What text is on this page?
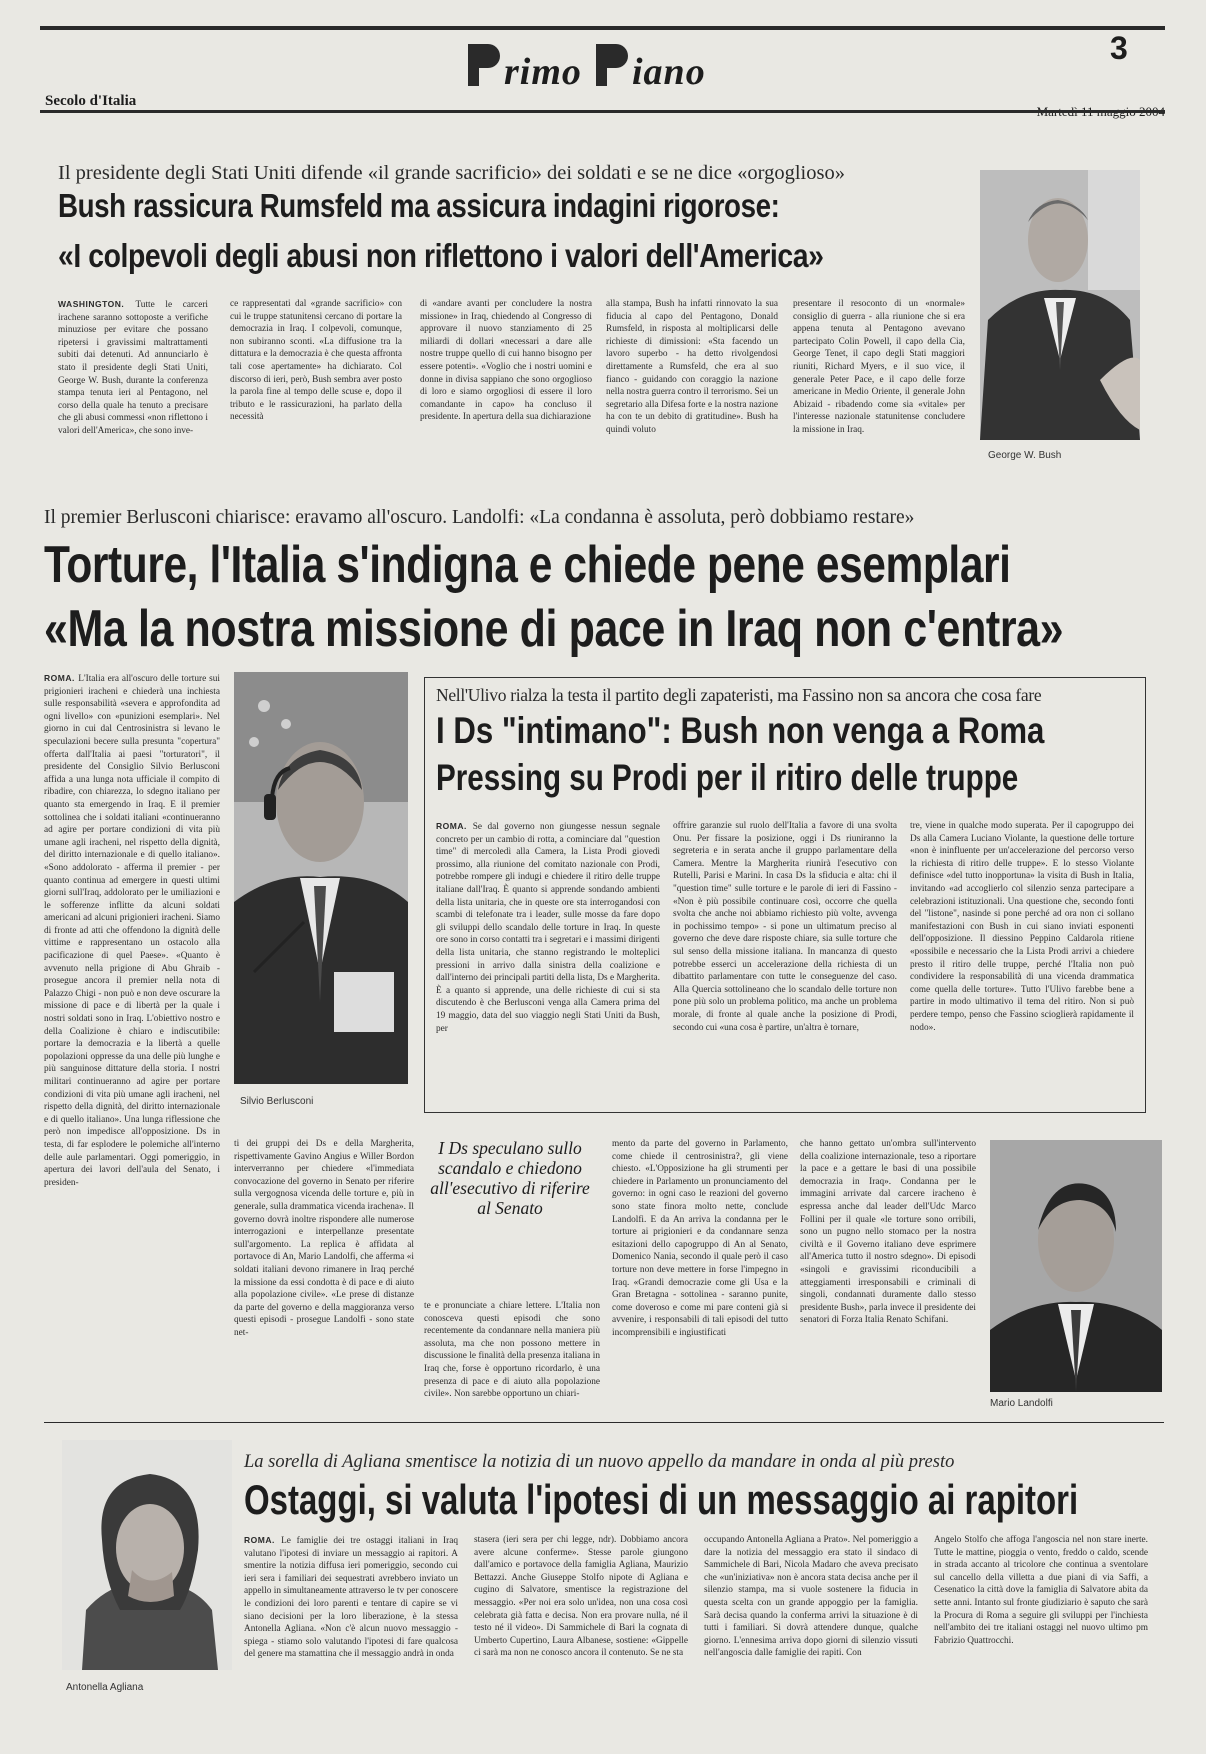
rimo iano
3
Secolo d'Italia
Il presidente degli Stati Uniti difende «il grande sacrificio» dei soldati e se ne dice «orgoglioso»
Bush rassicura Rumsfeld ma assicura indagini rigorose:
«I colpevoli degli abusi non riflettono i valori dell'America»
WASHINGTON. Tutte le carceri irachene saranno sottoposte a verifiche minuziose per evitare che possano ripetersi i gravissimi maltrattamenti subiti dai detenuti. Ad annunciarlo è stato il presidente degli Stati Uniti, George W. Bush, durante la conferenza stampa tenuta ieri al Pentagono, nel corso della quale ha tenuto a precisare che gli abusi commessi «non riflettono i valori dell'America», che sono inve-
ce rappresentati dal «grande sacrificio» con cui le truppe statunitensi cercano di portare la democrazia in Iraq. I colpevoli, comunque, non subiranno sconti. «La diffusione tra la dittatura e la democrazia è che questa affronta tali cose apertamente» ha dichiarato. Col discorso di ieri, però, Bush sembra aver posto la parola fine al tempo delle scuse e, dopo il tributo e le rassicurazioni, ha parlato della necessità
di «andare avanti per concludere la nostra missione» in Iraq, chiedendo al Congresso di approvare il nuovo stanziamento di 25 miliardi di dollari «necessari a dare alle nostre truppe quello di cui hanno bisogno per essere potenti». «Voglio che i nostri uomini e donne in divisa sappiano che sono orgoglioso di loro e siamo orgogliosi di essere il loro comandante in capo» ha concluso il presidente. In apertura della sua dichiarazione
alla stampa, Bush ha infatti rinnovato la sua fiducia al capo del Pentagono, Donald Rumsfeld, in risposta al moltiplicarsi delle richieste di dimissioni: «Sta facendo un lavoro superbo - ha detto rivolgendosi direttamente a Rumsfeld, che era al suo fianco - guidando con coraggio la nazione nella nostra guerra contro il terrorismo. Sei un segretario alla Difesa forte e la nostra nazione ha con te un debito di gratitudine». Bush ha quindi voluto
presentare il resoconto di un «normale» consiglio di guerra - alla riunione che si era appena tenuta al Pentagono avevano partecipato Colin Powell, il capo della Cia, George Tenet, il capo degli Stati maggiori riuniti, Richard Myers, e il suo vice, il generale Peter Pace, e il capo delle forze americane in Medio Oriente, il generale John Abizaid - ribadendo come sia «vitale» per l'interesse nazionale statunitense concludere la missione in Iraq.
George W. Bush
Il premier Berlusconi chiarisce: eravamo all'oscuro. Landolfi: «La condanna è assoluta, però dobbiamo restare»
Torture, l'Italia s'indigna e chiede pene esemplari
«Ma la nostra missione di pace in Iraq non c'entra»
ROMA. L'Italia era all'oscuro delle torture sui prigionieri iracheni e chiederà una inchiesta sulle responsabilità «severa e approfondita ad ogni livello» con «punizioni esemplari». Nel giorno in cui dal Centrosinistra si levano le speculazioni becere sulla presunta "copertura" offerta dall'Italia ai paesi "torturatori", il presidente del Consiglio Silvio Berlusconi affida a una lunga nota ufficiale il compito di ribadire, con chiarezza, lo sdegno italiano per quanto sta emergendo in Iraq. E il premier sottolinea che i soldati italiani «continueranno ad agire per portare condizioni di vita più umane agli iracheni, nel rispetto della dignità, del diritto internazionale e di quello italiano». «Sono addolorato - afferma il premier - per quanto continua ad emergere in questi ultimi giorni sull'Iraq, addolorato per le umiliazioni e le sofferenze inflitte da alcuni soldati americani ad alcuni prigionieri iracheni. Siamo di fronte ad atti che offendono la dignità delle vittime e rappresentano un ostacolo alla pacificazione di quel Paese». «Quanto è avvenuto nella prigione di Abu Ghraib - prosegue ancora il premier nella nota di Palazzo Chigi - non può e non deve oscurare la missione di pace e di libertà per la quale i nostri soldati sono in Iraq. L'obiettivo nostro e della Coalizione è chiaro e indiscutibile: portare la democrazia e la libertà a quelle popolazioni oppresse da una delle più lunghe e più sanguinose dittature della storia. I nostri militari continueranno ad agire per portare condizioni di vita più umane agli iracheni, nel rispetto della dignità, del diritto internazionale e di quello italiano». Una lunga riflessione che però non impedisce all'opposizione. Ds in testa, di far esplodere le polemiche all'interno delle aule parlamentari. Oggi pomeriggio, in apertura dei lavori dell'aula del Senato, i presiden-
Silvio Berlusconi
Nell'Ulivo rialza la testa il partito degli zapateristi, ma Fassino non sa ancora che cosa fare
I Ds "intimano": Bush non venga a Roma
Pressing su Prodi per il ritiro delle truppe
ROMA. Se dal governo non giungesse nessun segnale concreto per un cambio di rotta, a cominciare dal "question time" di mercoledì alla Camera, la Lista Prodi giovedì prossimo, alla riunione del comitato nazionale con Prodi, potrebbe rompere gli indugi e chiedere il ritiro delle truppe italiane dall'Iraq. È quanto si apprende sondando ambienti della lista unitaria, che in queste ore sta interrogandosi con scambi di telefonate tra i leader, sulle mosse da fare dopo gli sviluppi dello scandalo delle torture in Iraq. In queste ore sono in corso contatti tra i segretari e i massimi dirigenti della lista unitaria, che stanno registrando le molteplici pressioni in arrivo dalla sinistra della coalizione e dall'interno dei principali partiti della lista, Ds e Margherita. È a quanto si apprende, una delle richieste di cui si sta discutendo è che Berlusconi venga alla Camera prima del 19 maggio, data del suo viaggio negli Stati Uniti da Bush, per
offrire garanzie sul ruolo dell'Italia a favore di una svolta Onu. Per fissare la posizione, oggi i Ds riuniranno la segreteria e in serata anche il gruppo parlamentare della Camera. Mentre la Margherita riunirà l'esecutivo con Rutelli, Parisi e Marini. In casa Ds la sfiducia e alta: chi il "question time" sulle torture e le parole di ieri di Fassino - «Non è più possibile continuare così, occorre che quella svolta che anche noi abbiamo richiesto più volte, avvenga in pochissimo tempo» - si pone un ultimatum preciso al governo che deve dare risposte chiare, sia sulle torture che sul senso della missione italiana. In mancanza di questo potrebbe esserci un accelerazione della richiesta di un dibattito parlamentare con tutte le conseguenze del caso. Alla Quercia sottolineano che lo scandalo delle torture non pone più solo un problema politico, ma anche un problema morale, di fronte al quale anche la posizione di Prodi, secondo cui «una cosa è partire, un'altra è tornare,
tre, viene in qualche modo superata. Per il capogruppo dei Ds alla Camera Luciano Violante, la questione delle torture «non è ininfluente per un'accelerazione del percorso verso la richiesta di ritiro delle truppe». E lo stesso Violante definisce «del tutto inopportuna» la visita di Bush in Italia, invitando «ad accoglierlo col silenzio senza partecipare a celebrazioni istituzionali. Una questione che, secondo fonti del "listone", nasinde si pone perché ad ora non ci sollano manifestazioni con Bush in cui siano inviati esponenti dell'opposizione. Il diessino Peppino Caldarola ritiene «possibile e necessario che la Lista Prodi arrivi a chiedere presto il ritiro delle truppe, perché l'Italia non può condividere la responsabilità di una vicenda drammatica come quella delle torture». Tutto l'Ulivo farebbe bene a partire in modo ultimativo il tema del ritiro. Non si può perdere tempo, penso che Fassino scioglierà rapidamente il nodo».
ti dei gruppi dei Ds e della Margherita, rispettivamente Gavino Angius e Willer Bordon interverranno per chiedere «l'immediata convocazione del governo in Senato per riferire sulla vergognosa vicenda delle torture e, più in generale, sulla drammatica vicenda irachena». Il governo dovrà inoltre rispondere alle numerose interrogazioni e interpellanze presentate sull'argomento. La replica è affidata al portavoce di An, Mario Landolfi, che afferma «i soldati italiani devono rimanere in Iraq perché la missione da essi condotta è di pace e di aiuto alla popolazione civile». «Le prese di distanze da parte del governo e della maggioranza verso questi episodi - prosegue Landolfi - sono state net-
I Ds speculano sullo scandalo e chiedono all'esecutivo di riferire al Senato
te e pronunciate a chiare lettere. L'Italia non conosceva questi episodi che sono recentemente da condannare nella maniera più assoluta, ma che non possono mettere in discussione le finalità della presenza italiana in Iraq che, forse è opportuno ricordarlo, è una presenza di pace e di aiuto alla popolazione civile». Non sarebbe opportuno un chiari-
mento da parte del governo in Parlamento, come chiede il centrosinistra?, gli viene chiesto. «L'Opposizione ha gli strumenti per chiedere in Parlamento un pronunciamento del governo: in ogni caso le reazioni del governo sono state finora molto nette, conclude Landolfi. E da An arriva la condanna per le torture ai prigionieri e da condannare senza esitazioni dello capogruppo di An al Senato, Domenico Nania, secondo il quale però il caso torture non deve mettere in forse l'impegno in Iraq. «Grandi democrazie come gli Usa e la Gran Bretagna - sottolinea - saranno punite, come doveroso e come mi pare conteni già si avvenire, i responsabili di tali episodi del tutto incomprensibili e ingiustificati
che hanno gettato un'ombra sull'intervento della coalizione internazionale, teso a riportare la pace e a gettare le basi di una possibile democrazia in Iraq». Condanna per le immagini arrivate dal carcere iracheno è espressa anche dal leader dell'Udc Marco Follini per il quale «le torture sono orribili, sono un pugno nello stomaco per la nostra civiltà e il Governo italiano deve esprimere all'America tutto il nostro sdegno». Di episodi «singoli e gravissimi riconducibili a atteggiamenti irresponsabili e criminali di singoli, condannati duramente dallo stesso presidente Bush», parla invece il presidente dei senatori di Forza Italia Renato Schifani.
Mario Landolfi
Antonella Agliana
La sorella di Agliana smentisce la notizia di un nuovo appello da mandare in onda al più presto
Ostaggi, si valuta l'ipotesi di un messaggio ai rapitori
ROMA. Le famiglie dei tre ostaggi italiani in Iraq valutano l'ipotesi di inviare un messaggio ai rapitori. A smentire la notizia diffusa ieri pomeriggio, secondo cui ieri sera i familiari dei sequestrati avrebbero inviato un appello in simultaneamente attraverso le tv per conoscere le condizioni dei loro parenti e tentare di capire se vi siano decisioni per la loro liberazione, è la stessa Antonella Agliana. «Non c'è alcun nuovo messaggio - spiega - stiamo solo valutando l'ipotesi di fare qualcosa del genere ma stamattina che il messaggio andrà in onda
stasera (ieri sera per chi legge, ndr). Dobbiamo ancora avere alcune conferme». Stesse parole giungono dall'amico e portavoce della famiglia Agliana, Maurizio Bettazzi. Anche Giuseppe Stolfo nipote di Agliana e cugino di Salvatore, smentisce la registrazione del messaggio. «Per noi era solo un'idea, non una cosa così celebrata già fatta e decisa. Non era provare nulla, né il testo né il video». Di Sammichele di Bari la cognata di Umberto Cupertino, Laura Albanese, sostiene: «Gippelle ci sarà ma non ne conosco ancora il contenuto. Se ne sta
occupando Antonella Agliana a Prato». Nel pomeriggio a dare la notizia del messaggio era stato il sindaco di Sammichele di Bari, Nicola Madaro che aveva precisato che «un'iniziativa» non è ancora stata decisa anche per il silenzio stampa, ma si vuole sostenere la fiducia in questa scelta con un grande appoggio per la famiglia. Sarà decisa quando la conferma arrivi la situazione è di tutti i familiari. Si dovrà attendere dunque, qualche giorno. L'ennesima arriva dopo giorni di silenzio vissuti nell'angoscia dalle famiglie dei rapiti. Con
Angelo Stolfo che affoga l'angoscia nel non stare inerte. Tutte le mattine, pioggia o vento, freddo o caldo, scende in strada accanto al tricolore che continua a sventolare sul cancello della villetta a due piani di via Saffi, a Cesenatico la città dove la famiglia di Salvatore abita da sette anni. Intanto sul fronte giudiziario è saputo che sarà la Procura di Roma a seguire gli sviluppi per l'inchiesta nell'ambito dei tre italiani ostaggi nel nuovo ultimo pm Fabrizio Quattrocchi.
